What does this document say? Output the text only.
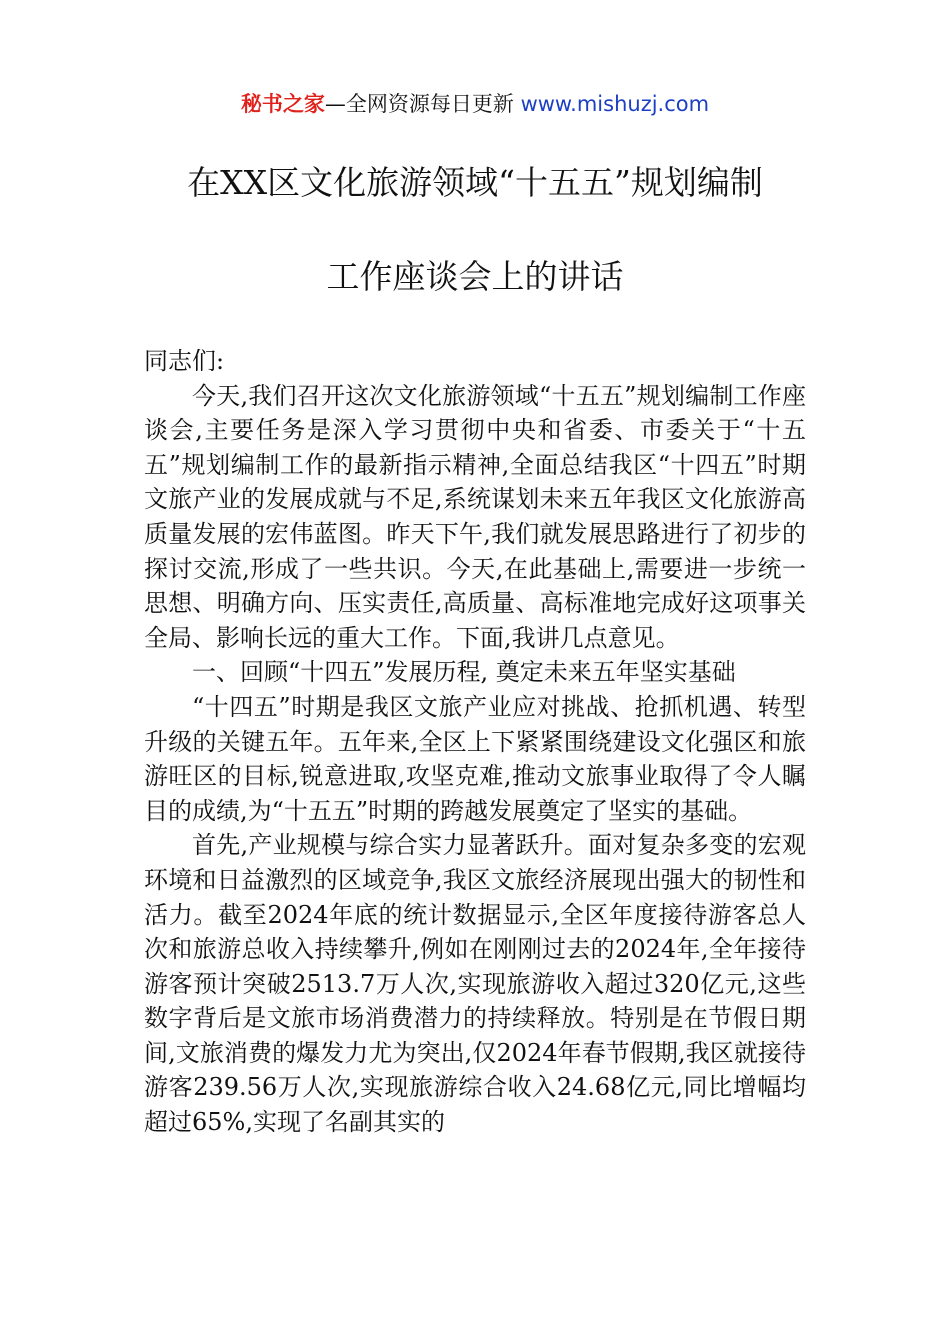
秘书之家—全网资源每日更新 www.mishuzj.com
在XX区文化旅游领域“十五五”规划编制
工作座谈会上的讲话

同志们:

今天,我们召开这次文化旅游领域“十五五”规划编制工作座谈会,主要任务是深入学习贯彻中央和省委、市委关于“十五五”规划编制工作的最新指示精神,全面总结我区“十四五”时期文旅产业的发展成就与不足,系统谋划未来五年我区文化旅游高质量发展的宏伟蓝图。昨天下午,我们就发展思路进行了初步的探讨交流,形成了一些共识。今天,在此基础上,需要进一步统一思想、明确方向、压实责任,高质量、高标准地完成好这项事关全局、影响长远的重大工作。下面,我讲几点意见。

一、回顾“十四五”发展历程, 奠定未来五年坚实基础

“十四五”时期是我区文旅产业应对挑战、抢抓机遇、转型升级的关键五年。五年来,全区上下紧紧围绕建设文化强区和旅游旺区的目标,锐意进取,攻坚克难,推动文旅事业取得了令人瞩目的成绩,为“十五五”时期的跨越发展奠定了坚实的基础。

首先,产业规模与综合实力显著跃升。面对复杂多变的宏观环境和日益激烈的区域竞争,我区文旅经济展现出强大的韧性和活力。截至2024年底的统计数据显示,全区年度接待游客总人次和旅游总收入持续攀升,例如在刚刚过去的2024年,全年接待游客预计突破2513.7万人次,实现旅游收入超过320亿元,这些数字背后是文旅市场消费潜力的持续释放。特别是在节假日期间,文旅消费的爆发力尤为突出,仅2024年春节假期,我区就接待游客239.56万人次,实现旅游综合收入24.68亿元,同比增幅均超过65%,实现了名副其实的
